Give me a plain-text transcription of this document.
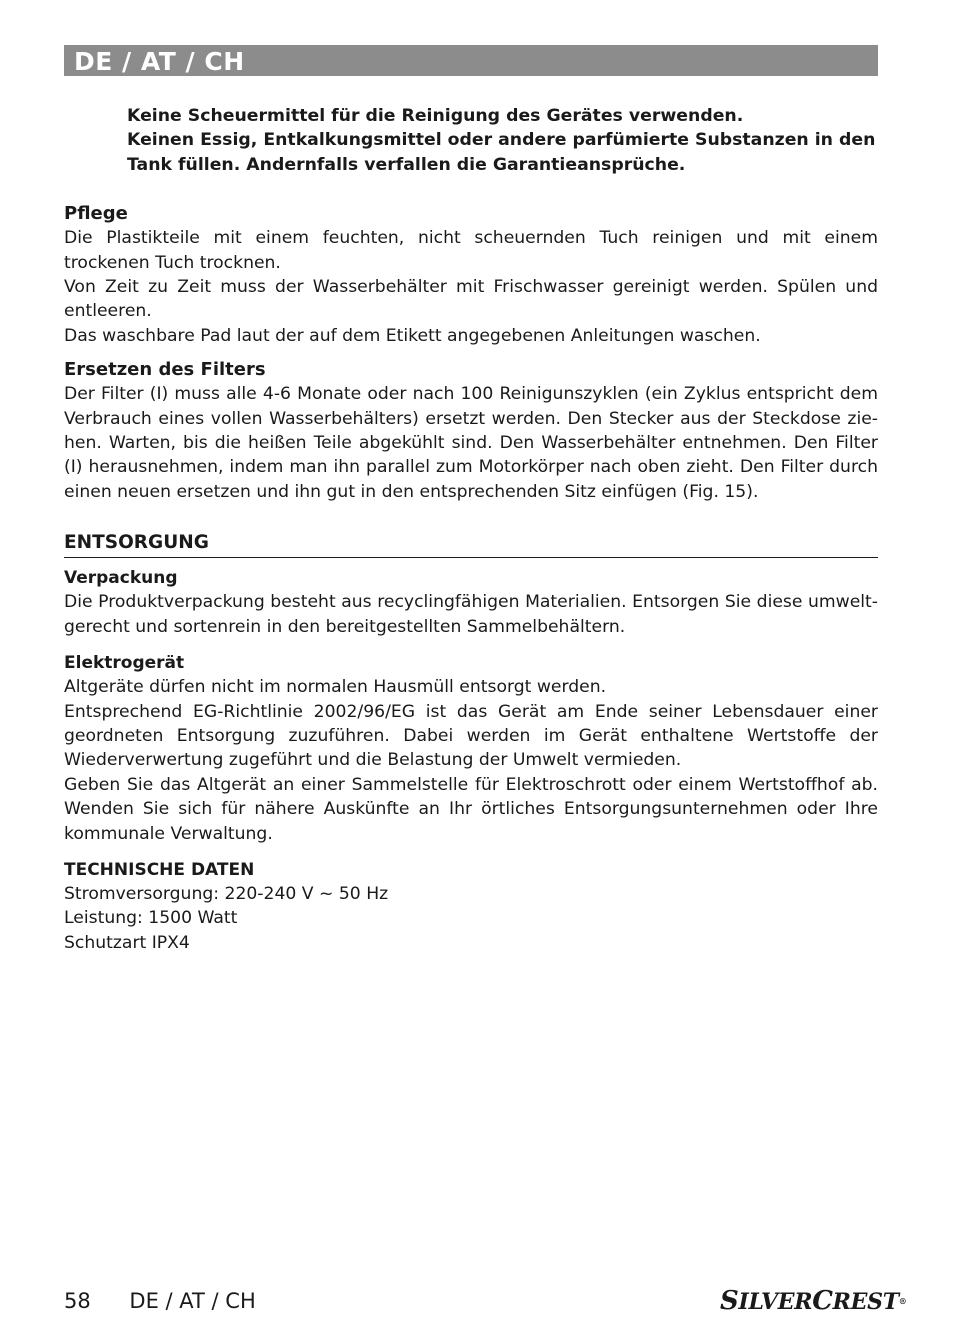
DE / AT / CH

Keine Scheuermittel für die Reinigung des Gerätes verwenden.

Keinen Essig, Entkalkungsmittel oder andere parfümierte Substanzen in den Tank füllen. Andernfalls verfallen die Garantieansprüche.

Pflege

Die Plastikteile mit einem feuchten, nicht scheuernden Tuch reinigen und mit einem trockenen Tuch trocknen.

Von Zeit zu Zeit muss der Wasserbehälter mit Frischwasser gereinigt werden. Spülen und entleeren.

Das waschbare Pad laut der auf dem Etikett angegebenen Anleitungen waschen.

Ersetzen des Filters

Der Filter (I) muss alle 4-6 Monate oder nach 100 Reinigunszyklen (ein Zyklus entspricht dem Verbrauch eines vollen Wasserbehälters) ersetzt werden. Den Stecker aus der Steckdose zie-hen. Warten, bis die heißen Teile abgekühlt sind. Den Wasserbehälter entnehmen. Den Filter (I) herausnehmen, indem man ihn parallel zum Motorkörper nach oben zieht. Den Filter durch einen neuen ersetzen und ihn gut in den entsprechenden Sitz einfügen (Fig. 15).

ENTSORGUNG
Verpackung

Die Produktverpackung besteht aus recyclingfähigen Materialien. Entsorgen Sie diese umwelt-gerecht und sortenrein in den bereitgestellten Sammelbehältern.

Elektrogerät

Altgeräte dürfen nicht im normalen Hausmüll entsorgt werden.

Entsprechend EG-Richtlinie 2002/96/EG ist das Gerät am Ende seiner Lebensdauer einer geordneten Entsorgung zuzuführen. Dabei werden im Gerät enthaltene Wertstoffe der Wiederverwertung zugeführt und die Belastung der Umwelt vermieden.

Geben Sie das Altgerät an einer Sammelstelle für Elektroschrott oder einem Wertstoffhof ab. Wenden Sie sich für nähere Auskünfte an Ihr örtliches Entsorgungsunternehmen oder Ihre kommunale Verwaltung.

TECHNISCHE DATEN

Stromversorgung: 220-240 V ~ 50 Hz

Leistung: 1500 Watt

Schutzart IPX4

58 DE / AT / CH	SILVERCREST®
